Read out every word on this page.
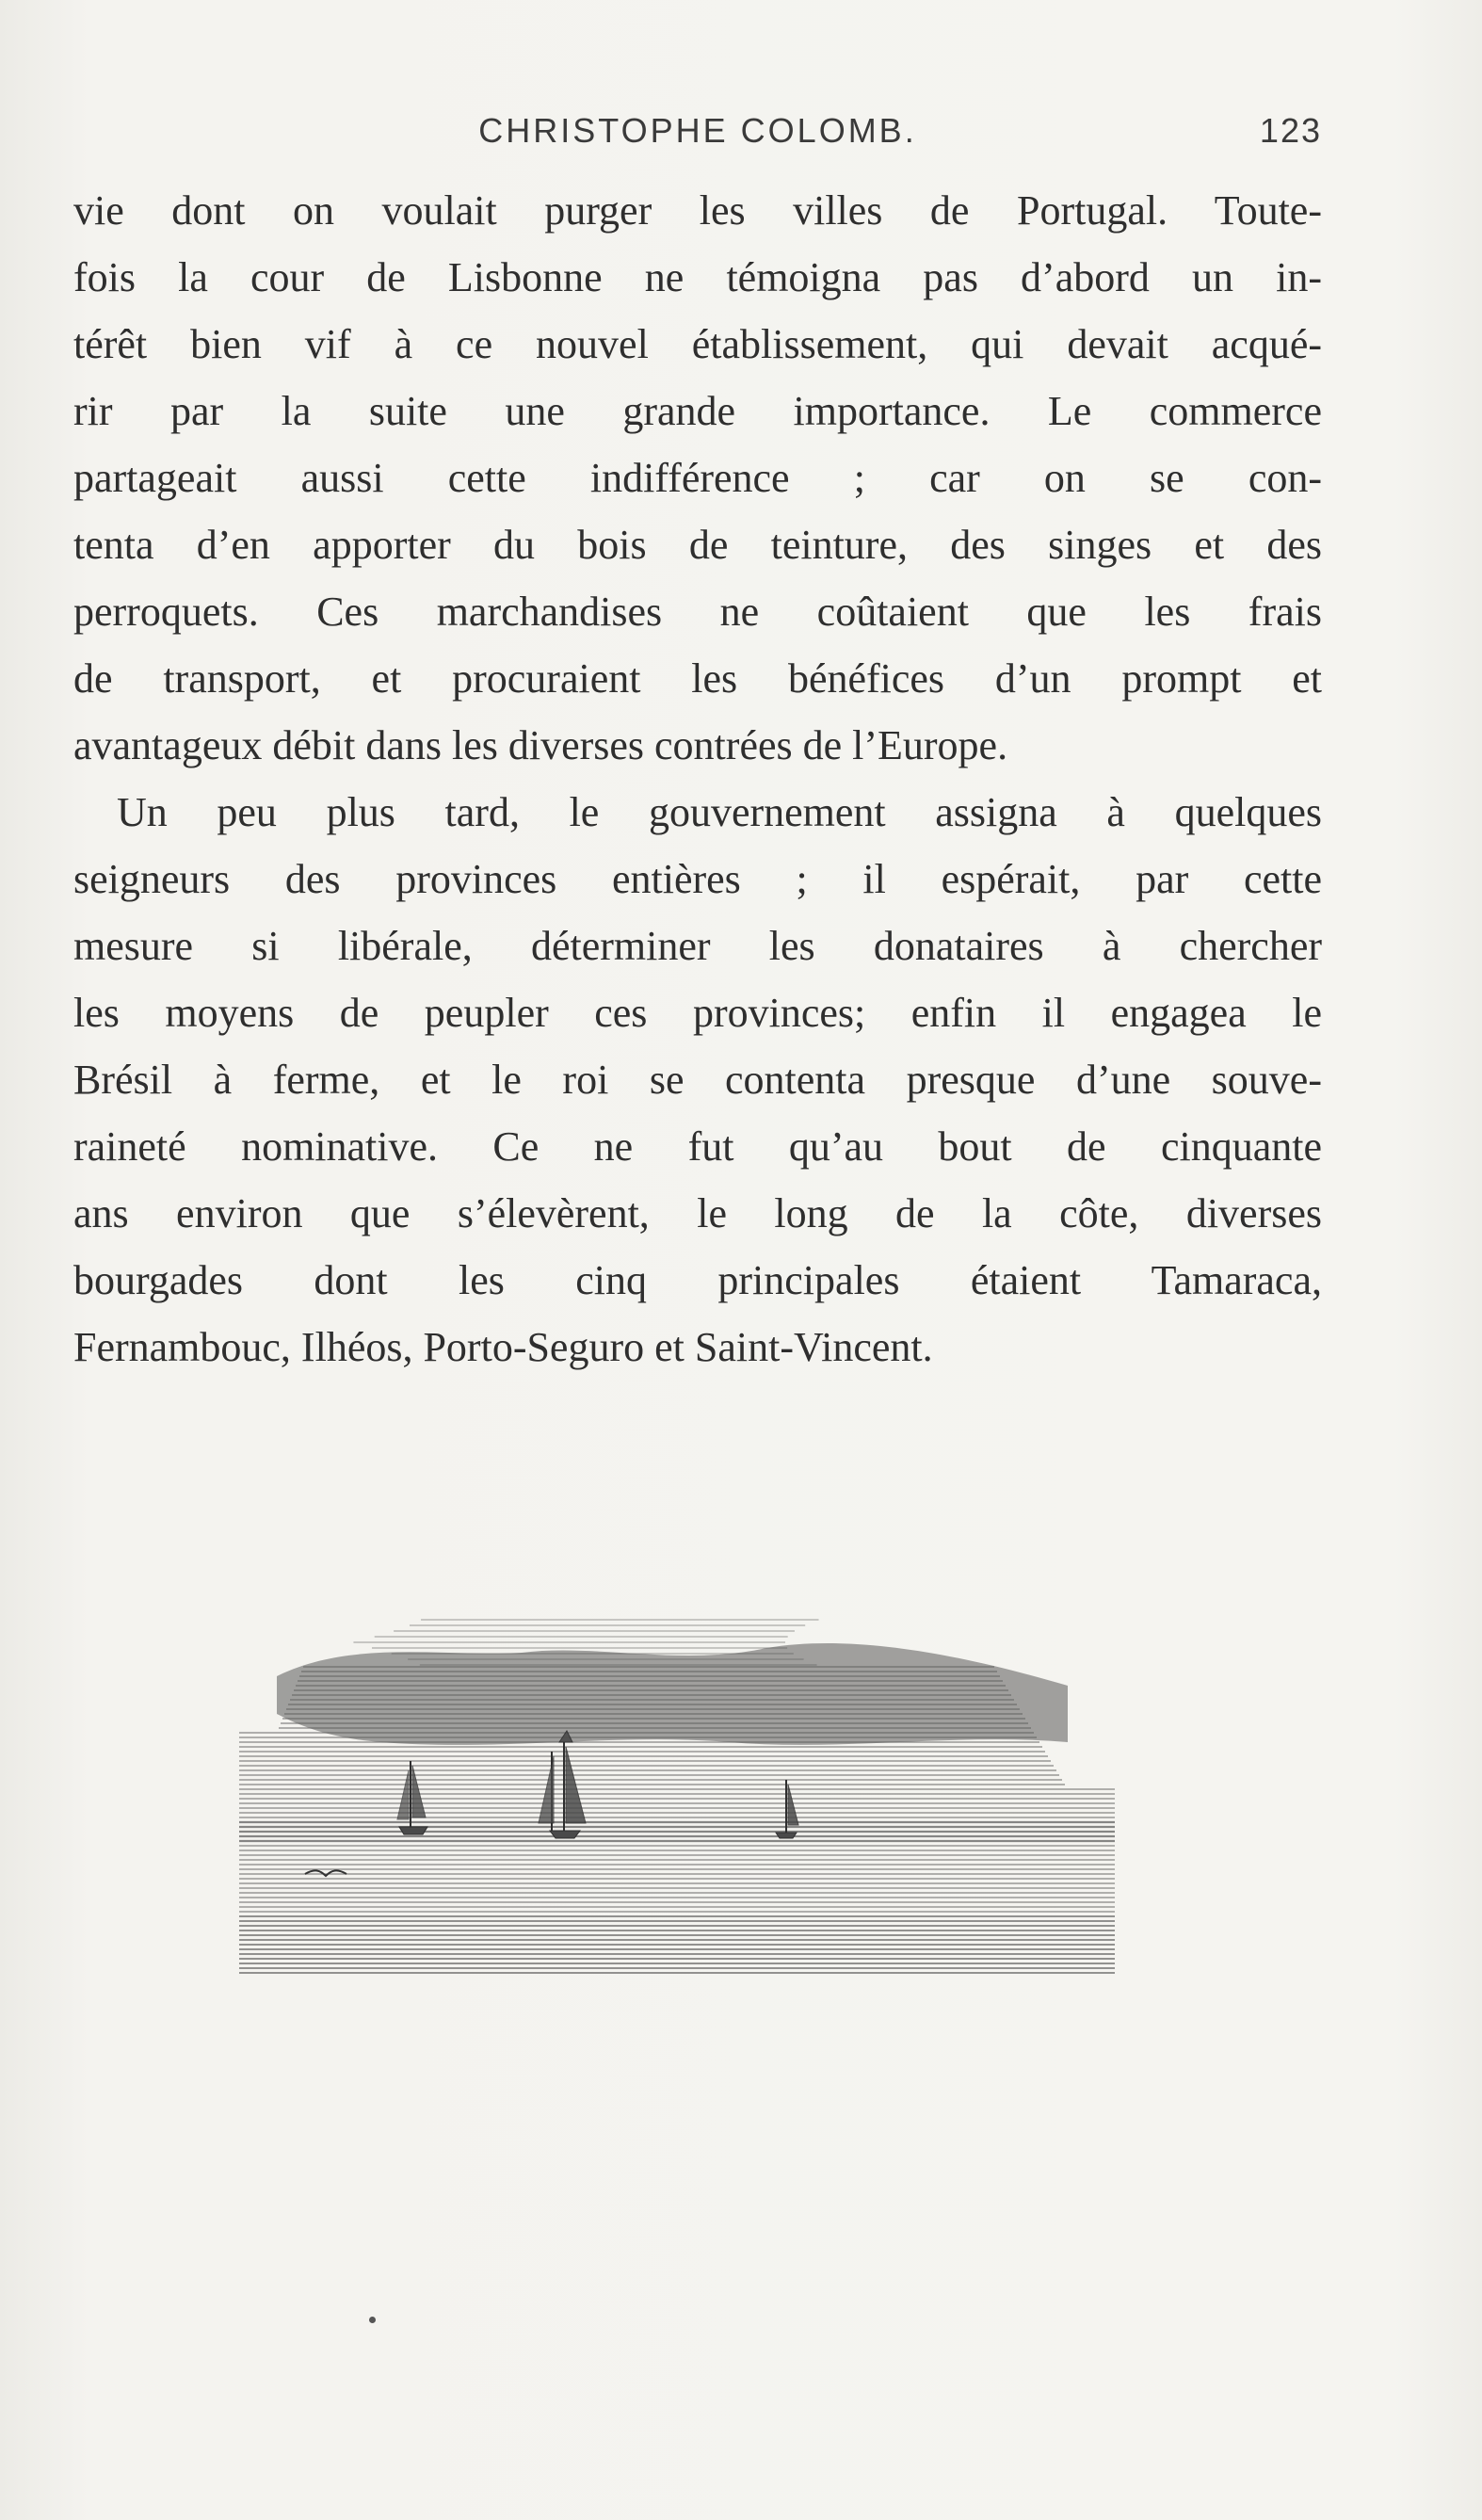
CHRISTOPHE COLOMB.	123
vie dont on voulait purger les villes de Portugal. Toute-
fois la cour de Lisbonne ne témoigna pas d’abord un in-
térêt bien vif à ce nouvel établissement, qui devait acqué-
rir par la suite une grande importance. Le commerce
partageait aussi cette indifférence ; car on se con-
tenta d’en apporter du bois de teinture, des singes et des
perroquets. Ces marchandises ne coûtaient que les frais
de transport, et procuraient les bénéfices d’un prompt et
avantageux débit dans les diverses contrées de l’Europe.
Un peu plus tard, le gouvernement assigna à quelques
seigneurs des provinces entières ; il espérait, par cette
mesure si libérale, déterminer les donataires à chercher
les moyens de peupler ces provinces; enfin il engagea le
Brésil à ferme, et le roi se contenta presque d’une souve-
raineté nominative. Ce ne fut qu’au bout de cinquante
ans environ que s’élevèrent, le long de la côte, diverses
bourgades dont les cinq principales étaient Tamaraca,
Fernambouc, Ilhéos, Porto-Seguro et Saint-Vincent.
